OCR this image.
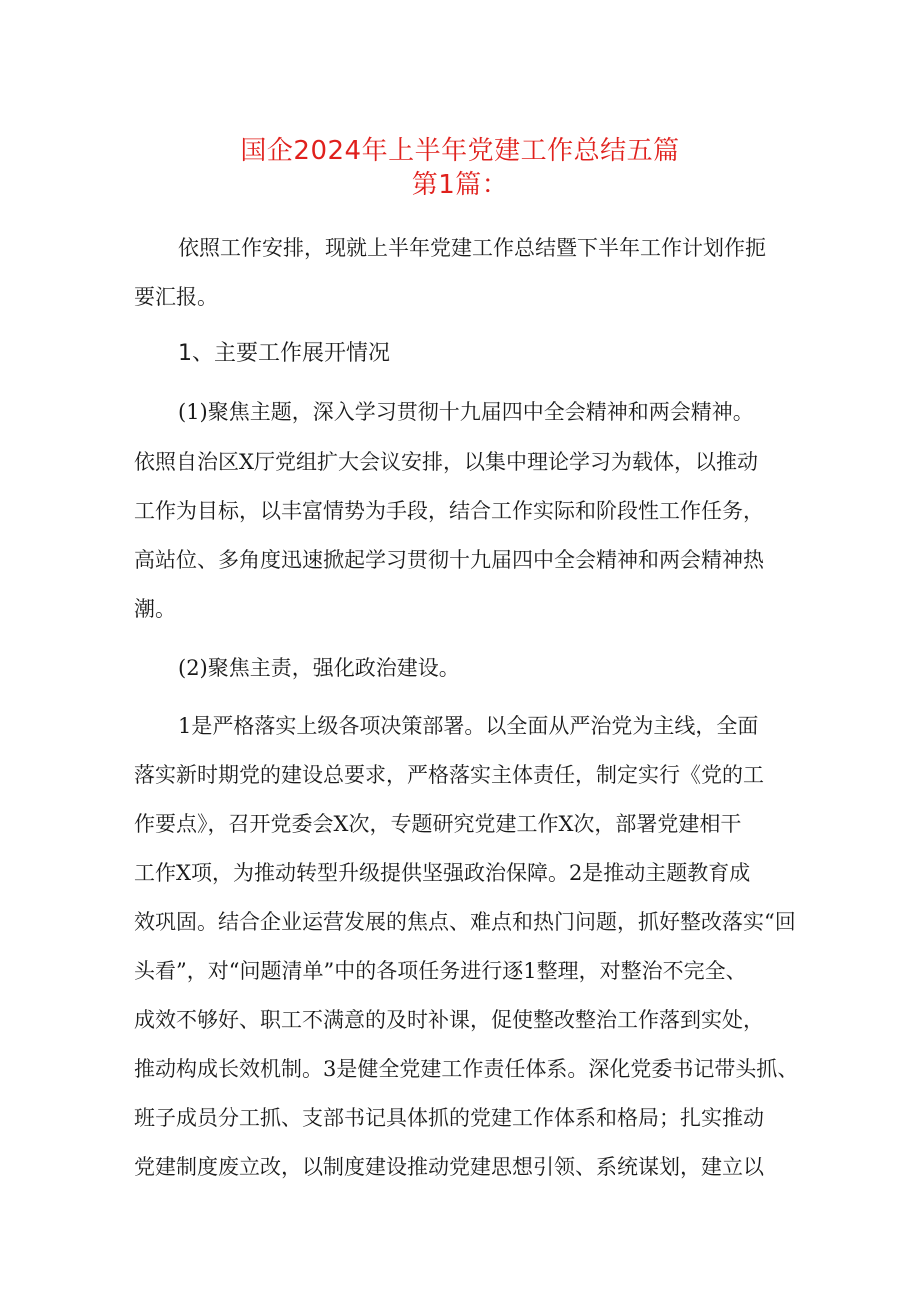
国企2024年上半年党建工作总结五篇
第1篇：
依照工作安排，现就上半年党建工作总结暨下半年工作计划作扼
要汇报。
1、主要工作展开情况
(1)聚焦主题，深入学习贯彻十九届四中全会精神和两会精神。
依照自治区X厅党组扩大会议安排，以集中理论学习为载体，以推动
工作为目标，以丰富情势为手段，结合工作实际和阶段性工作任务，
高站位、多角度迅速掀起学习贯彻十九届四中全会精神和两会精神热
潮。
(2)聚焦主责，强化政治建设。
1是严格落实上级各项决策部署。以全面从严治党为主线，全面
落实新时期党的建设总要求，严格落实主体责任，制定实行《党的工
作要点》，召开党委会X次，专题研究党建工作X次，部署党建相干
工作X项，为推动转型升级提供坚强政治保障。2是推动主题教育成
效巩固。结合企业运营发展的焦点、难点和热门问题，抓好整改落实“回
头看”，对“问题清单”中的各项任务进行逐1整理，对整治不完全、
成效不够好、职工不满意的及时补课，促使整改整治工作落到实处，
推动构成长效机制。3是健全党建工作责任体系。深化党委书记带头抓、
班子成员分工抓、支部书记具体抓的党建工作体系和格局；扎实推动
党建制度废立改，以制度建设推动党建思想引领、系统谋划，建立以
